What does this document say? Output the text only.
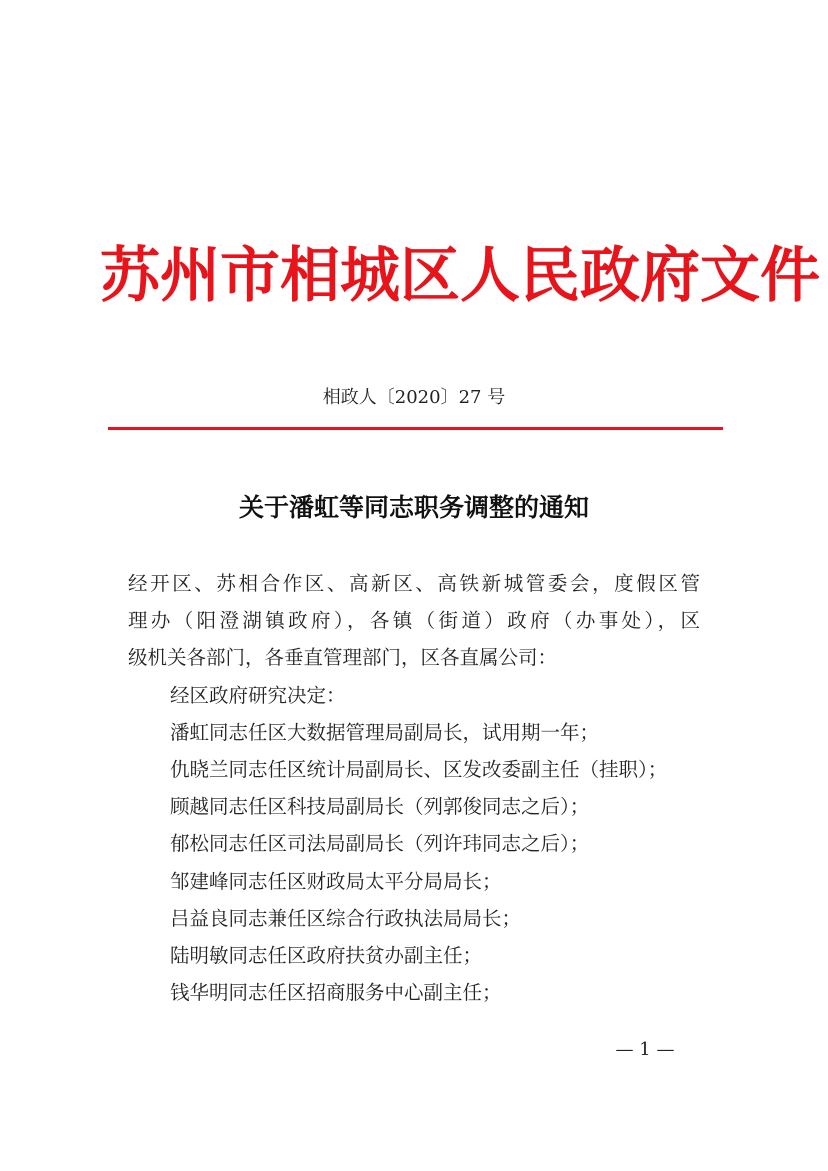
苏州市相城区人民政府文件
相政人〔2020〕27 号
关于潘虹等同志职务调整的通知
经开区、苏相合作区、高新区、高铁新城管委会，度假区管
理办（阳澄湖镇政府），各镇（街道）政府（办事处），区
级机关各部门，各垂直管理部门，区各直属公司：
经区政府研究决定：
潘虹同志任区大数据管理局副局长，试用期一年；
仇晓兰同志任区统计局副局长、区发改委副主任（挂职）；
顾越同志任区科技局副局长（列郭俊同志之后）；
郁松同志任区司法局副局长（列许玮同志之后）；
邹建峰同志任区财政局太平分局局长；
吕益良同志兼任区综合行政执法局局长；
陆明敏同志任区政府扶贫办副主任；
钱华明同志任区招商服务中心副主任；
— 1 —
